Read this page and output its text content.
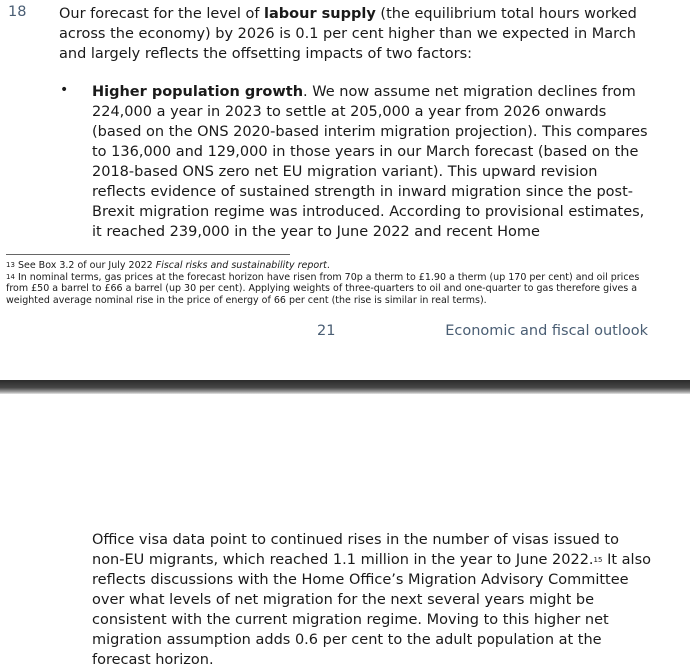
18 Our forecast for the level of labour supply (the equilibrium total hours worked across the economy) by 2026 is 0.1 per cent higher than we expected in March and largely reflects the offsetting impacts of two factors:
• Higher population growth. We now assume net migration declines from 224,000 a year in 2023 to settle at 205,000 a year from 2026 onwards (based on the ONS 2020-based interim migration projection). This compares to 136,000 and 129,000 in those years in our March forecast (based on the 2018-based ONS zero net EU migration variant). This upward revision reflects evidence of sustained strength in inward migration since the post-Brexit migration regime was introduced. According to provisional estimates, it reached 239,000 in the year to June 2022 and recent Home

$^{13}$ See Box 3.2 of our July 2022 Fiscal risks and sustainability report.

$^{14}$ In nominal terms, gas prices at the forecast horizon have risen from 70p a therm to £1.90 a therm (up 170 per cent) and oil prices from £50 a barrel to £66 a barrel (up 30 per cent). Applying weights of three-quarters to oil and one-quarter to gas therefore gives a weighted average nominal rise in the price of energy of 66 per cent (the rise is similar in real terms).

21	Economic and fiscal outlook
Office visa data point to continued rises in the number of visas issued to non-EU migrants, which reached 1.1 million in the year to June 2022.15 It also reflects discussions with the Home Office’s Migration Advisory Committee over what levels of net migration for the next several years might be consistent with the current migration regime. Moving to this higher net migration assumption adds 0.6 per cent to the adult population at the forecast horizon.
